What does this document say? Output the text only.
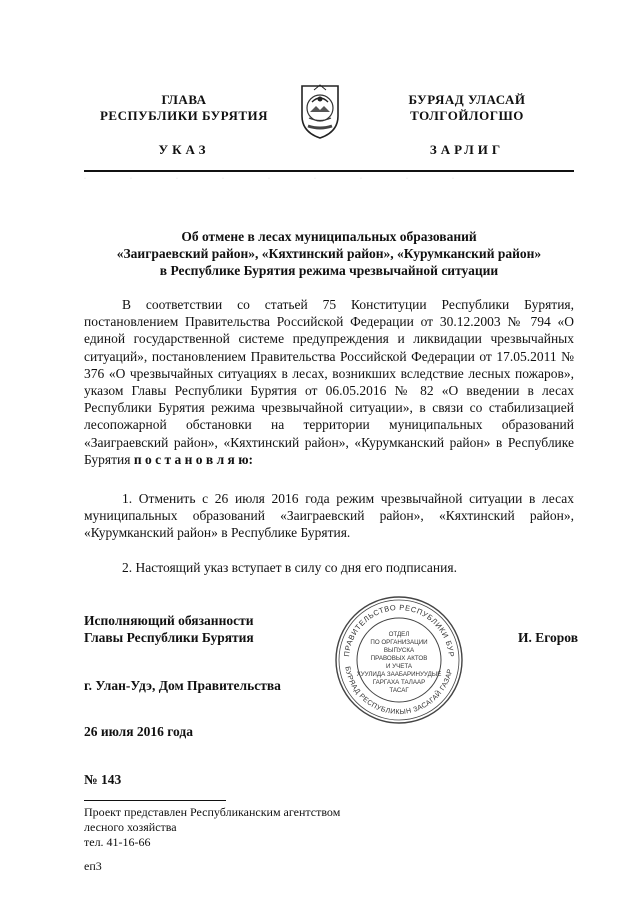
ГЛАВА
РЕСПУБЛИКИ БУРЯТИЯ
УКАЗ
БУРЯАД УЛАСАЙ
ТОЛГОЙЛОГШО
ЗАРЛИГ
·········
Об отмене в лесах муниципальных образований
«Заиграевский район», «Кяхтинский район», «Курумканский район»
в Республике Бурятия режима чрезвычайной ситуации
В соответствии со статьей 75 Конституции Республики Бурятия, постановлением Правительства Российской Федерации от 30.12.2003 № 794 «О единой государственной системе предупреждения и ликвидации чрезвычайных ситуаций», постановлением Правительства Российской Федерации от 17.05.2011 № 376 «О чрезвычайных ситуациях в лесах, возникших вследствие лесных пожаров», указом Главы Республики Бурятия от 06.05.2016 № 82 «О введении в лесах Республики Бурятия режима чрезвычайной ситуации», в связи со стабилизацией лесопожарной обстановки на территории муниципальных образований «Заиграевский район», «Кяхтинский район», «Курумканский район» в Республике Бурятия п о с т а н о в л я ю:
1. Отменить с 26 июля 2016 года режим чрезвычайной ситуации в лесах муниципальных образований «Заиграевский район», «Кяхтинский район», «Курумканский район» в Республике Бурятия.
2. Настоящий указ вступает в силу со дня его подписания.
Исполняющий обязанности
Главы Республики Бурятия	И. Егоров
ПРАВИТЕЛЬСТВО РЕСПУБЛИКИ БУР
БУРЯАД РЕСПУБЛИКЫН ЗАСАГАЙ ГАЗАР
ОТДЕЛ
ПО ОРГАНИЗАЦИИ
ВЫПУСКА
ПРАВОВЫХ АКТОВ
И УЧЕТА
ХУУЛИДА ЗААБАРИНУУДЫЕ
ГАРГАХА ТАЛААР
ТАСАГ
г. Улан-Удэ, Дом Правительства
26 июля 2016 года
№ 143
Проект представлен Республиканским агентством
лесного хозяйства
тел. 41-16-66
еп3
